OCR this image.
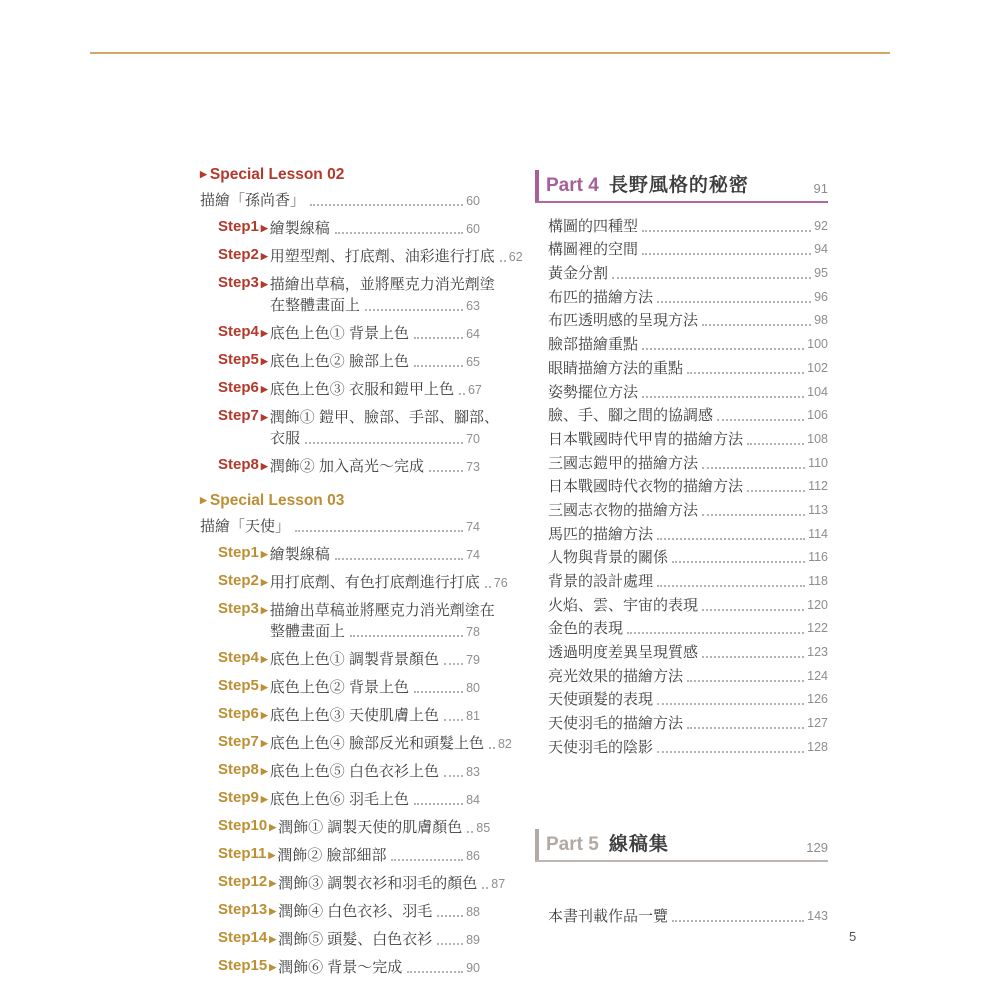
▶ Special Lesson 02
描繪「孫尚香」	60
Step1 ▶ 繪製線稿	60
Step2 ▶ 用塑型劑、打底劑、油彩進行打底 62
Step3 ▶ 描繪出草稿，並將壓克力消光劑塗
在整體畫面上	63
Step4 ▶ 底色上色① 背景上色	64
Step5 ▶ 底色上色② 臉部上色	65
Step6 ▶ 底色上色③ 衣服和鎧甲上色 67
Step7 ▶ 潤飾① 鎧甲、臉部、手部、腳部、
衣服	70
Step8 ▶ 潤飾② 加入高光～完成	73
▶ Special Lesson 03
描繪「天使」	74
Step1 ▶ 繪製線稿	74
Step2 ▶ 用打底劑、有色打底劑進行打底 76
Step3 ▶ 描繪出草稿並將壓克力消光劑塗在
整體畫面上	78
Step4 ▶ 底色上色① 調製背景顏色 79
Step5 ▶ 底色上色② 背景上色	80
Step6 ▶ 底色上色③ 天使肌膚上色 81
Step7 ▶ 底色上色④ 臉部反光和頭髮上色 82
Step8 ▶ 底色上色⑤ 白色衣衫上色 83
Step9 ▶ 底色上色⑥ 羽毛上色	84
Step10 ▶ 潤飾① 調製天使的肌膚顏色 85
Step11 ▶ 潤飾② 臉部細部	86
Step12 ▶ 潤飾③ 調製衣衫和羽毛的顏色 87
Step13 ▶ 潤飾④ 白色衣衫、羽毛	88
Step14 ▶ 潤飾⑤ 頭髮、白色衣衫	89
Step15 ▶ 潤飾⑥ 背景～完成	90
Part 4 長野風格的秘密	91
構圖的四種型	92
構圖裡的空間	94
黃金分割	95
布匹的描繪方法	96
布匹透明感的呈現方法	98
臉部描繪重點	100
眼睛描繪方法的重點	102
姿勢擺位方法	104
臉、手、腳之間的協調感	106
日本戰國時代甲冑的描繪方法	108
三國志鎧甲的描繪方法	110
日本戰國時代衣物的描繪方法	112
三國志衣物的描繪方法	113
馬匹的描繪方法	114
人物與背景的關係	116
背景的設計處理	118
火焰、雲、宇宙的表現	120
金色的表現	122
透過明度差異呈現質感	123
亮光效果的描繪方法	124
天使頭髮的表現	126
天使羽毛的描繪方法	127
天使羽毛的陰影	128
Part 5 線稿集	129
本書刊載作品一覽	143
5
